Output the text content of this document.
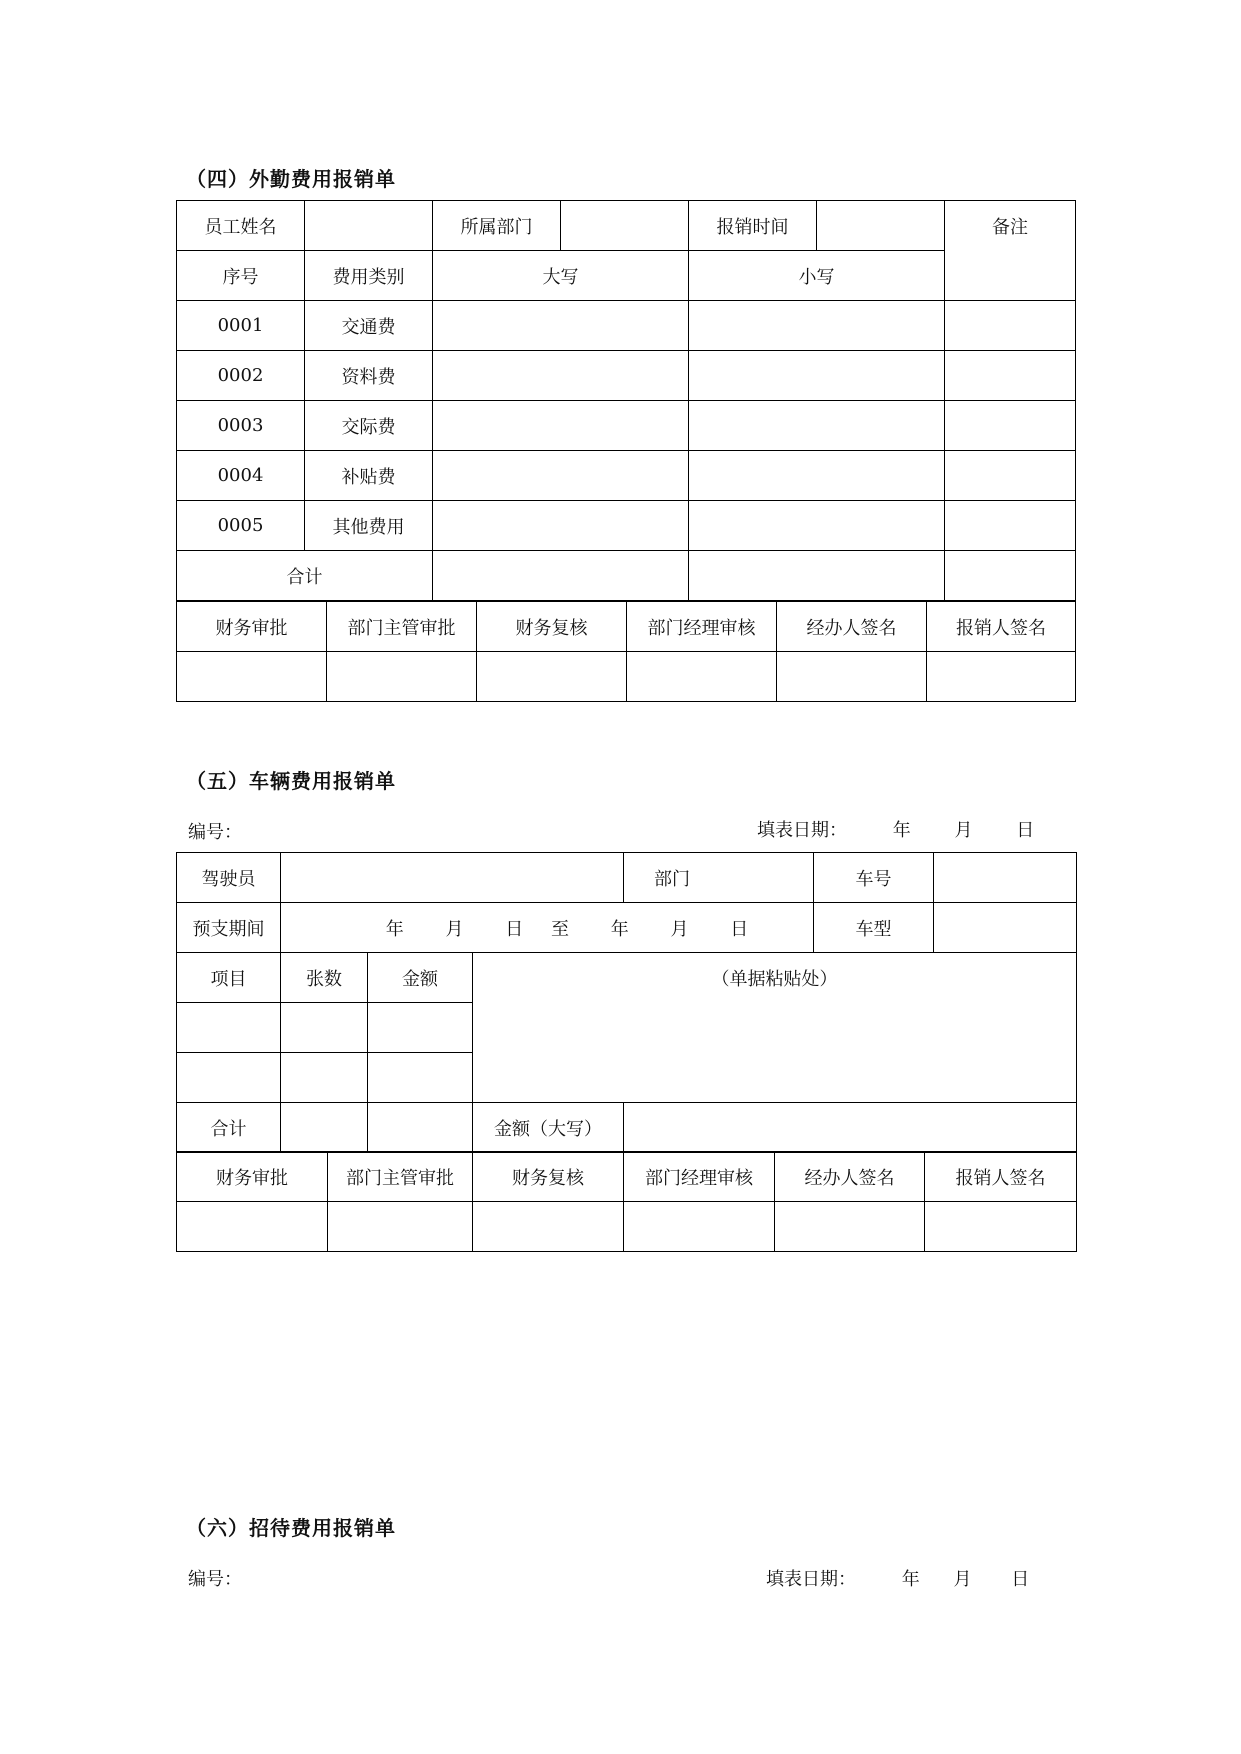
（四）外勤费用报销单
员工姓名		所属部门		报销时间		备注
序号	费用类别	大写		小写		
0001	交通费					
0002	资料费					
0003	交际费					
0004	补贴费					
0005	其他费用					
合计						
财务审批	部门主管审批	财务复核	部门经理审核	经办人签名	报销人签名

（五）车辆费用报销单
编号：	填表日期：	年 月 日
驾驶员				部门	车号	
预支期间	年 月 日 至 年 月 日				车型	
项目	张数	金额	（单据粘贴处）			

合计			金额（大写）			
财务审批	部门主管审批	财务复核	部门经理审核	经办人签名	报销人签名

（六）招待费用报销单
编号：	填表日期：	年 月 日
